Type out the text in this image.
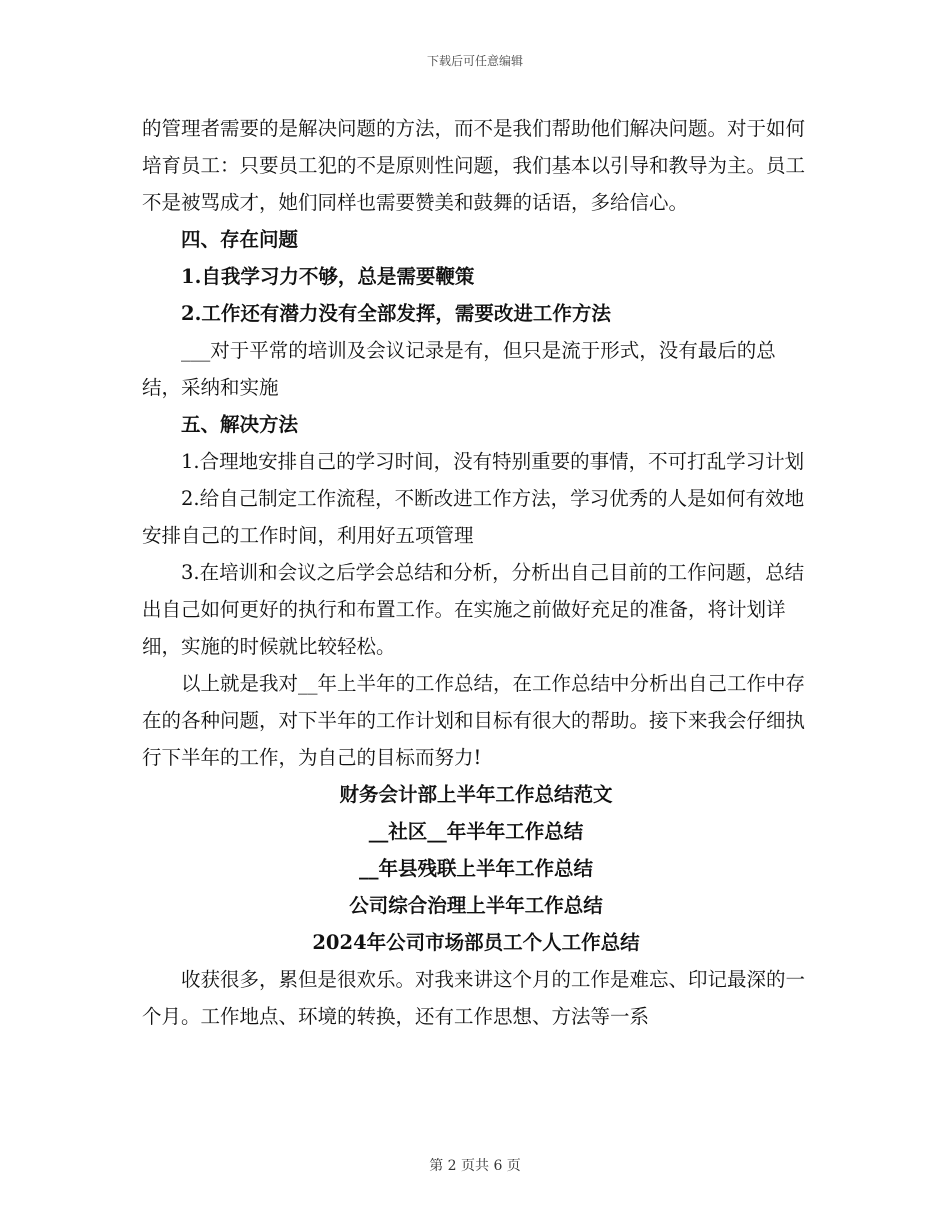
下载后可任意编辑

的管理者需要的是解决问题的方法，而不是我们帮助他们解决问题。对于如何培育员工：只要员工犯的不是原则性问题，我们基本以引导和教导为主。员工不是被骂成才，她们同样也需要赞美和鼓舞的话语，多给信心。

四、存在问题

1.自我学习力不够，总是需要鞭策

2.工作还有潜力没有全部发挥，需要改进工作方法

___对于平常的培训及会议记录是有，但只是流于形式，没有最后的总结，采纳和实施

五、解决方法

1.合理地安排自己的学习时间，没有特别重要的事情，不可打乱学习计划

2.给自己制定工作流程，不断改进工作方法，学习优秀的人是如何有效地安排自己的工作时间，利用好五项管理

3.在培训和会议之后学会总结和分析，分析出自己目前的工作问题，总结出自己如何更好的执行和布置工作。在实施之前做好充足的准备，将计划详细，实施的时候就比较轻松。

以上就是我对__年上半年的工作总结，在工作总结中分析出自己工作中存在的各种问题，对下半年的工作计划和目标有很大的帮助。接下来我会仔细执行下半年的工作，为自己的目标而努力!

财务会计部上半年工作总结范文

__社区__年半年工作总结

__年县残联上半年工作总结

公司综合治理上半年工作总结

2024年公司市场部员工个人工作总结

收获很多，累但是很欢乐。对我来讲这个月的工作是难忘、印记最深的一个月。工作地点、环境的转换，还有工作思想、方法等一系

第 2 页共 6 页
